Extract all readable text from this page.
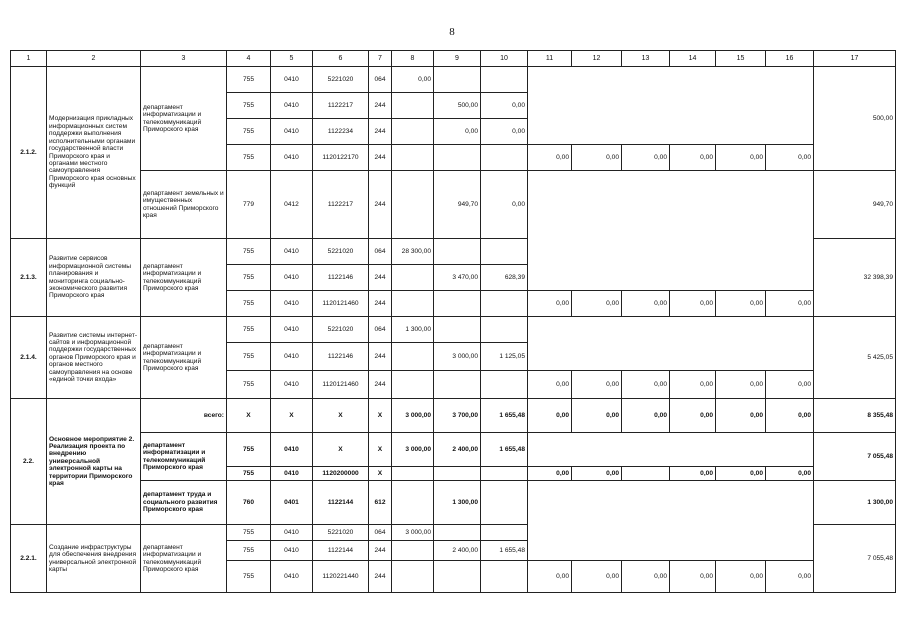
8
1	2	3	4	5	6	7	8	9	10	11	12	13	14	15	16	17
2.1.2.	Модернизация прикладных информационных систем поддержки выполнения исполнительными органами государственной власти Приморского края и органами местного самоуправления Приморского края основных функций	департамент информатизации и телекоммуникаций Приморского края	755	0410	5221020	064	0,00									500,00
			755	0410	1122217	244		500,00	0,00							
			755	0410	1122234	244		0,00	0,00							
			755	0410	1120122170	244				0,00	0,00	0,00	0,00	0,00	0,00	
		департамент земельных и имущественных отношений Приморского края	779	0412	1122217	244		949,70	0,00							949,70
2.1.3.	Развитие сервисов информационной системы планирования и мониторинга социально-экономического развития Приморского края	департамент информатизации и телекоммуникаций Приморского края	755	0410	5221020	064	28 300,00									32 398,39
			755	0410	1122146	244		3 470,00	628,39							
			755	0410	1120121460	244				0,00	0,00	0,00	0,00	0,00	0,00	
2.1.4.	Развитие системы интернет-сайтов и информационной поддержки государственных органов Приморского края и органов местного самоуправления на основе «единой точки входа»	департамент информатизации и телекоммуникаций Приморского края	755	0410	5221020	064	1 300,00									5 425,05
			755	0410	1122146	244		3 000,00	1 125,05							
			755	0410	1120121460	244				0,00	0,00	0,00	0,00	0,00	0,00	
2.2.	Основное мероприятие 2. Реализация проекта по внедрению универсальной электронной карты на территории Приморского края	всего:	X	X	X	X	3 000,00	3 700,00	1 655,48	0,00	0,00	0,00	0,00	0,00	0,00	8 355,48
		департамент информатизации и телекоммуникаций Приморского края	755	0410	X	X	3 000,00	2 400,00	1 655,48							7 055,48
			755	0410	1120200000	X				0,00	0,00		0,00	0,00	0,00	
		департамент труда и социального развития Приморского края	760	0401	1122144	612		1 300,00								1 300,00
2.2.1.	Создание инфраструктуры для обеспечения внедрения универсальной электронной карты	департамент информатизации и телекоммуникаций Приморского края	755	0410	5221020	064	3 000,00									7 055,48
			755	0410	1122144	244		2 400,00	1 655,48							
			755	0410	1120221440	244				0,00	0,00	0,00	0,00	0,00	0,00	
